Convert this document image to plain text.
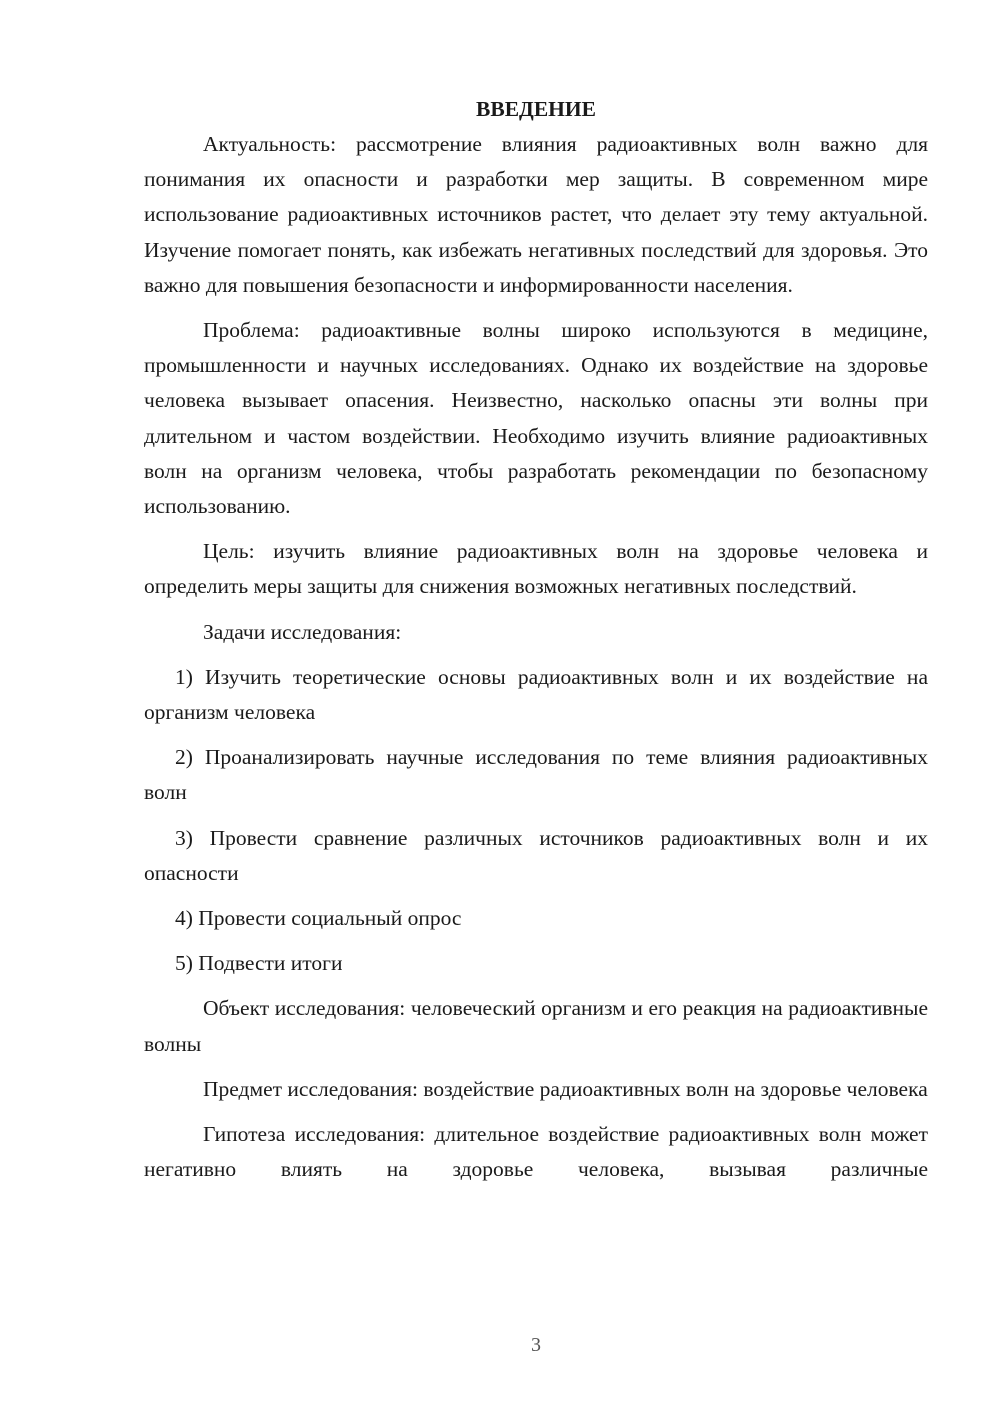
ВВЕДЕНИЕ

Актуальность: рассмотрение влияния радиоактивных волн важно для понимания их опасности и разработки мер защиты. В современном мире использование радиоактивных источников растет, что делает эту тему актуальной. Изучение помогает понять, как избежать негативных последствий для здоровья. Это важно для повышения безопасности и информированности населения.

Проблема: радиоактивные волны широко используются в медицине, промышленности и научных исследованиях. Однако их воздействие на здоровье человека вызывает опасения. Неизвестно, насколько опасны эти волны при длительном и частом воздействии. Необходимо изучить влияние радиоактивных волн на организм человека, чтобы разработать рекомендации по безопасному использованию.

Цель: изучить влияние радиоактивных волн на здоровье человека и определить меры защиты для снижения возможных негативных последствий.

Задачи исследования:

1) Изучить теоретические основы радиоактивных волн и их воздействие на организм человека

2) Проанализировать научные исследования по теме влияния радиоактивных волн

3) Провести сравнение различных источников радиоактивных волн и их опасности

4) Провести социальный опрос

5) Подвести итоги

Объект исследования: человеческий организм и его реакция на радиоактивные волны

Предмет исследования: воздействие радиоактивных волн на здоровье человека

Гипотеза исследования: длительное воздействие радиоактивных волн может негативно влиять на здоровье человека, вызывая различные

3
